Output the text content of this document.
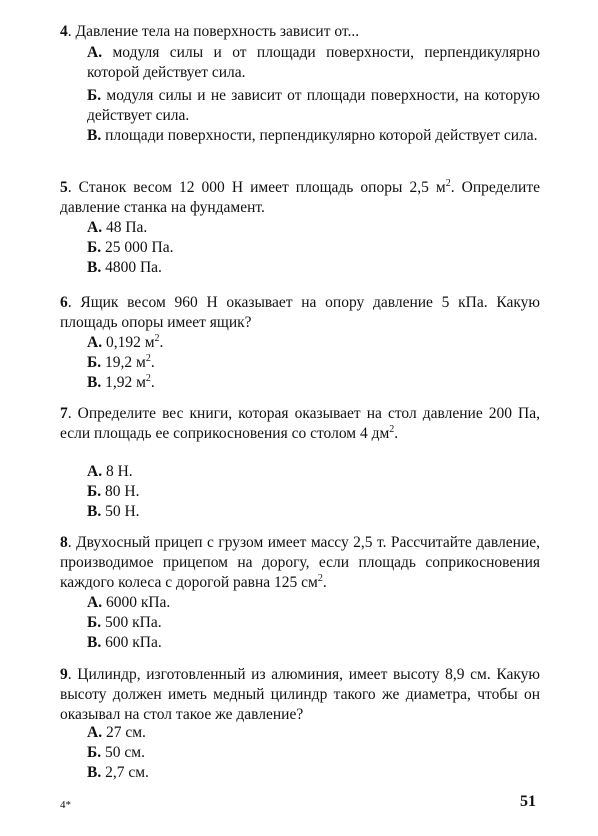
4. Давление тела на поверхность зависит от...
А. модуля силы и от площади поверхности, перпендикулярно которой действует сила.
Б. модуля силы и не зависит от площади поверхности, на которую действует сила.
В. площади поверхности, перпендикулярно которой действует сила.
5. Станок весом 12 000 Н имеет площадь опоры 2,5 $м^2$. Определите давление станка на фундамент.
А. 48 Па.
Б. 25 000 Па.
В. 4800 Па.
6. Ящик весом 960 Н оказывает на опору давление 5 кПа. Какую площадь опоры имеет ящик?
А. 0,192 $м^2$.
Б. 19,2 $м^2$.
В. 1,92 $м^2$.
7. Определите вес книги, которая оказывает на стол давление 200 Па, если площадь ее соприкосновения со столом 4 $дм^2$.
А. 8 Н.
Б. 80 Н.
В. 50 Н.
8. Двухосный прицеп с грузом имеет массу 2,5 т. Рассчитайте давление, производимое прицепом на дорогу, если площадь соприкосновения каждого колеса с дорогой равна 125 $см^2$.
А. 6000 кПа.
Б. 500 кПа.
В. 600 кПа.
9. Цилиндр, изготовленный из алюминия, имеет высоту 8,9 см. Какую высоту должен иметь медный цилиндр такого же диаметра, чтобы он оказывал на стол такое же давление?
А. 27 см.
Б. 50 см.
В. 2,7 см.
4*	51
